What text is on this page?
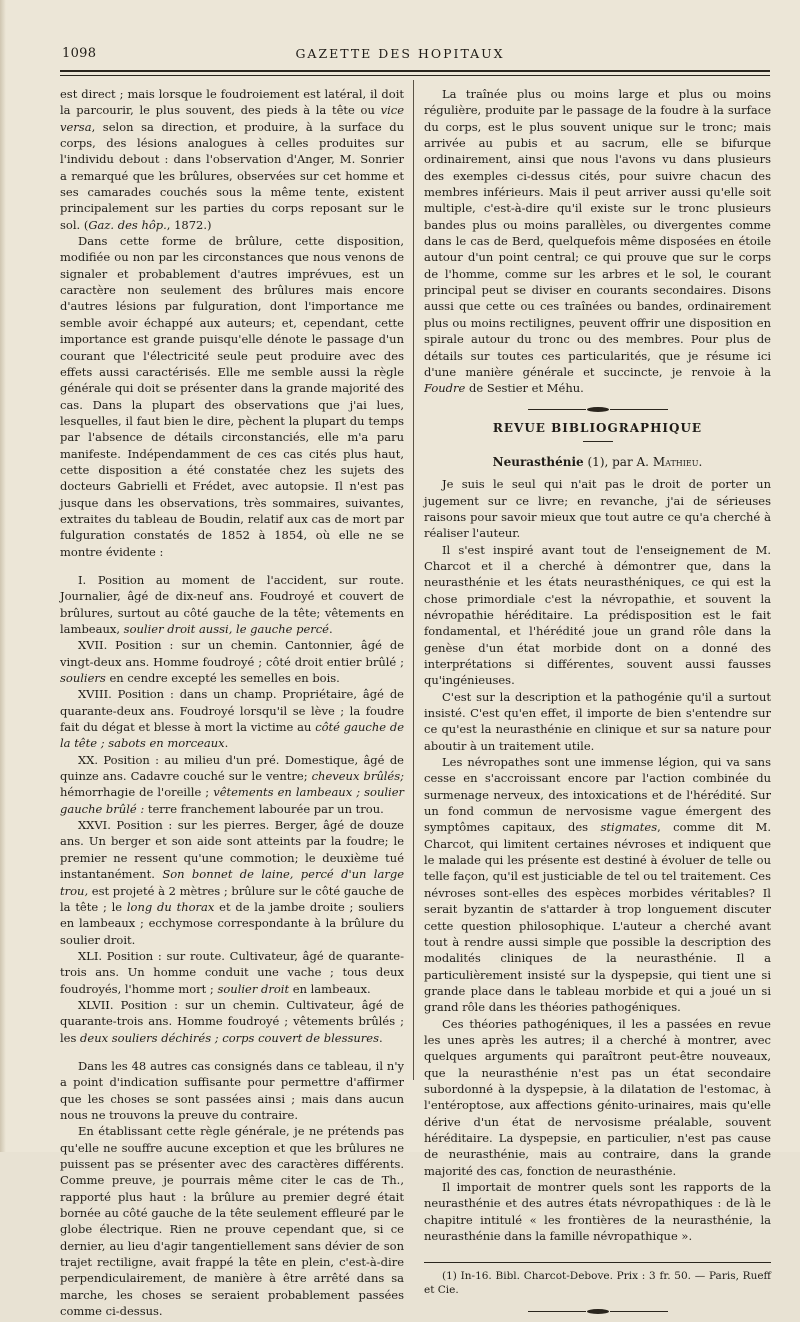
1098	GAZETTE DES HOPITAUX

est direct ; mais lorsque le foudroiement est latéral, il doit la parcourir, le plus souvent, des pieds à la tête ou vice versa, selon sa direction, et produire, à la surface du corps, des lésions analogues à celles produites sur l'individu debout : dans l'observation d'Anger, M. Sonrier a remarqué que les brûlures, observées sur cet homme et ses camarades couchés sous la même tente, existent principalement sur les parties du corps reposant sur le sol. (Gaz. des hôp., 1872.)

Dans cette forme de brûlure, cette disposition, modifiée ou non par les circonstances que nous venons de signaler et probablement d'autres imprévues, est un caractère non seulement des brûlures mais encore d'autres lésions par fulguration, dont l'importance me semble avoir échappé aux auteurs; et, cependant, cette importance est grande puisqu'elle dénote le passage d'un courant que l'électricité seule peut produire avec des effets aussi caractérisés. Elle me semble aussi la règle générale qui doit se présenter dans la grande majorité des cas. Dans la plupart des observations que j'ai lues, lesquelles, il faut bien le dire, pèchent la plupart du temps par l'absence de détails circonstanciés, elle m'a paru manifeste. Indépendamment de ces cas cités plus haut, cette disposition a été constatée chez les sujets des docteurs Gabrielli et Frédet, avec autopsie. Il n'est pas jusque dans les observations, très sommaires, suivantes, extraites du tableau de Boudin, relatif aux cas de mort par fulguration constatés de 1852 à 1854, où elle ne se montre évidente :

I. Position au moment de l'accident, sur route. Journalier, âgé de dix-neuf ans. Foudroyé et couvert de brûlures, surtout au côté gauche de la tête; vêtements en lambeaux, soulier droit aussi, le gauche percé.

XVII. Position : sur un chemin. Cantonnier, âgé de vingt-deux ans. Homme foudroyé ; côté droit entier brûlé ; souliers en cendre excepté les semelles en bois.

XVIII. Position : dans un champ. Propriétaire, âgé de quarante-deux ans. Foudroyé lorsqu'il se lève ; la foudre fait du dégat et blesse à mort la victime au côté gauche de la tête ; sabots en morceaux.

XX. Position : au milieu d'un pré. Domestique, âgé de quinze ans. Cadavre couché sur le ventre; cheveux brûlés; hémorrhagie de l'oreille ; vêtements en lambeaux ; soulier gauche brûlé : terre franchement labourée par un trou.

XXVI. Position : sur les pierres. Berger, âgé de douze ans. Un berger et son aide sont atteints par la foudre; le premier ne ressent qu'une commotion; le deuxième tué instantanément. Son bonnet de laine, percé d'un large trou, est projeté à 2 mètres ; brûlure sur le côté gauche de la tête ; le long du thorax et de la jambe droite ; souliers en lambeaux ; ecchymose correspondante à la brûlure du soulier droit.

XLI. Position : sur route. Cultivateur, âgé de quarante-trois ans. Un homme conduit une vache ; tous deux foudroyés, l'homme mort ; soulier droit en lambeaux.

XLVII. Position : sur un chemin. Cultivateur, âgé de quarante-trois ans. Homme foudroyé ; vêtements brûlés ; les deux souliers déchirés ; corps couvert de blessures.

Dans les 48 autres cas consignés dans ce tableau, il n'y a point d'indication suffisante pour permettre d'affirmer que les choses se sont passées ainsi ; mais dans aucun nous ne trouvons la preuve du contraire.

En établissant cette règle générale, je ne prétends pas qu'elle ne souffre aucune exception et que les brûlures ne puissent pas se présenter avec des caractères différents. Comme preuve, je pourrais même citer le cas de Th., rapporté plus haut : la brûlure au premier degré était bornée au côté gauche de la tête seulement effleuré par le globe électrique. Rien ne prouve cependant que, si ce dernier, au lieu d'agir tangentiellement sans dévier de son trajet rectiligne, avait frappé la tête en plein, c'est-à-dire perpendiculairement, de manière à être arrêté dans sa marche, les choses se seraient probablement passées comme ci-dessus.

La traînée plus ou moins large et plus ou moins régulière, produite par le passage de la foudre à la surface du corps, est le plus souvent unique sur le tronc; mais arrivée au pubis et au sacrum, elle se bifurque ordinairement, ainsi que nous l'avons vu dans plusieurs des exemples ci-dessus cités, pour suivre chacun des membres inférieurs. Mais il peut arriver aussi qu'elle soit multiple, c'est-à-dire qu'il existe sur le tronc plusieurs bandes plus ou moins parallèles, ou divergentes comme dans le cas de Berd, quelquefois même disposées en étoile autour d'un point central; ce qui prouve que sur le corps de l'homme, comme sur les arbres et le sol, le courant principal peut se diviser en courants secondaires. Disons aussi que cette ou ces traînées ou bandes, ordinairement plus ou moins rectilignes, peuvent offrir une disposition en spirale autour du tronc ou des membres. Pour plus de détails sur toutes ces particularités, que je résume ici d'une manière générale et succincte, je renvoie à la Foudre de Sestier et Méhu.

REVUE BIBLIOGRAPHIQUE
Neurasthénie (1), par A. Mathieu.

Je suis le seul qui n'ait pas le droit de porter un jugement sur ce livre; en revanche, j'ai de sérieuses raisons pour savoir mieux que tout autre ce qu'a cherché à réaliser l'auteur.

Il s'est inspiré avant tout de l'enseignement de M. Charcot et il a cherché à démontrer que, dans la neurasthénie et les états neurasthéniques, ce qui est la chose primordiale c'est la névropathie, et souvent la névropathie héréditaire. La prédisposition est le fait fondamental, et l'hérédité joue un grand rôle dans la genèse d'un état morbide dont on a donné des interprétations si différentes, souvent aussi fausses qu'ingénieuses.

C'est sur la description et la pathogénie qu'il a surtout insisté. C'est qu'en effet, il importe de bien s'entendre sur ce qu'est la neurasthénie en clinique et sur sa nature pour aboutir à un traitement utile.

Les névropathes sont une immense légion, qui va sans cesse en s'accroissant encore par l'action combinée du surmenage nerveux, des intoxications et de l'hérédité. Sur un fond commun de nervosisme vague émergent des symptômes capitaux, des stigmates, comme dit M. Charcot, qui limitent certaines névroses et indiquent que le malade qui les présente est destiné à évoluer de telle ou telle façon, qu'il est justiciable de tel ou tel traitement. Ces névroses sont-elles des espèces morbides véritables? Il serait byzantin de s'attarder à trop longuement discuter cette question philosophique. L'auteur a cherché avant tout à rendre aussi simple que possible la description des modalités cliniques de la neurasthénie. Il a particulièrement insisté sur la dyspepsie, qui tient une si grande place dans le tableau morbide et qui a joué un si grand rôle dans les théories pathogéniques.

Ces théories pathogéniques, il les a passées en revue les unes après les autres; il a cherché à montrer, avec quelques arguments qui paraîtront peut-être nouveaux, que la neurasthénie n'est pas un état secondaire subordonné à la dyspepsie, à la dilatation de l'estomac, à l'entéroptose, aux affections génito-urinaires, mais qu'elle dérive d'un état de nervosisme préalable, souvent héréditaire. La dyspepsie, en particulier, n'est pas cause de neurasthénie, mais au contraire, dans la grande majorité des cas, fonction de neurasthénie.

Il importait de montrer quels sont les rapports de la neurasthénie et des autres états névropathiques : de là le chapitre intitulé « les frontières de la neurasthénie, la neurasthénie dans la famille névropathique ».

(1) In-16. Bibl. Charcot-Debove. Prix : 3 fr. 50. — Paris, Rueff et Cie.
